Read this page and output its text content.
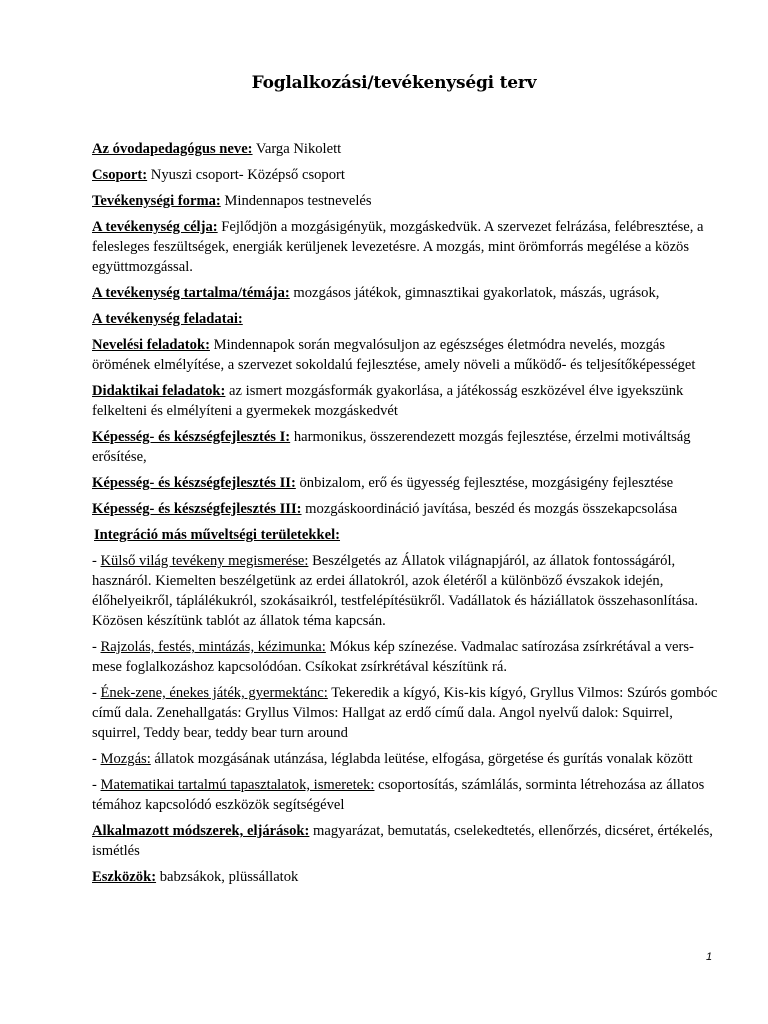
Foglalkozási/tevékenységi terv

Az óvodapedagógus neve: Varga Nikolett

Csoport: Nyuszi csoport- Középső csoport

Tevékenységi forma: Mindennapos testnevelés

A tevékenység célja: Fejlődjön a mozgásigényük, mozgáskedvük. A szervezet felrázása, felébresztése, a felesleges feszültségek, energiák kerüljenek levezetésre. A mozgás, mint örömforrás megélése a közös együttmozgással.

A tevékenység tartalma/témája: mozgásos játékok, gimnasztikai gyakorlatok, mászás, ugrások,

A tevékenység feladatai:

Nevelési feladatok: Mindennapok során megvalósuljon az egészséges életmódra nevelés, mozgás örömének elmélyítése, a szervezet sokoldalú fejlesztése, amely növeli a működő- és teljesítőképességet

Didaktikai feladatok: az ismert mozgásformák gyakorlása, a játékosság eszközével élve igyekszünk felkelteni és elmélyíteni a gyermekek mozgáskedvét

Képesség- és készségfejlesztés I: harmonikus, összerendezett mozgás fejlesztése, érzelmi motiváltság erősítése,

Képesség- és készségfejlesztés II: önbizalom, erő és ügyesség fejlesztése, mozgásigény fejlesztése

Képesség- és készségfejlesztés III: mozgáskoordináció javítása, beszéd és mozgás összekapcsolása

Integráció más műveltségi területekkel:

- Külső világ tevékeny megismerése: Beszélgetés az Állatok világnapjáról, az állatok fontosságáról, hasznáról. Kiemelten beszélgetünk az erdei állatokról, azok életéről a különböző évszakok idején, élőhelyeikről, táplálékukról, szokásaikról, testfelépítésükről. Vadállatok és háziállatok összehasonlítása. Közösen készítünk tablót az állatok téma kapcsán.

- Rajzolás, festés, mintázás, kézimunka: Mókus kép színezése. Vadmalac satírozása zsírkrétával a vers-mese foglalkozáshoz kapcsolódóan. Csíkokat zsírkrétával készítünk rá.

- Ének-zene, énekes játék, gyermektánc: Tekeredik a kígyó, Kis-kis kígyó, Gryllus Vilmos: Szúrós gombóc című dala. Zenehallgatás: Gryllus Vilmos: Hallgat az erdő című dala. Angol nyelvű dalok: Squirrel, squirrel, Teddy bear, teddy bear turn around

- Mozgás: állatok mozgásának utánzása, léglabda leütése, elfogása, görgetése és gurítás vonalak között

- Matematikai tartalmú tapasztalatok, ismeretek: csoportosítás, számlálás, sorminta létrehozása az állatos témához kapcsolódó eszközök segítségével

Alkalmazott módszerek, eljárások: magyarázat, bemutatás, cselekedtetés, ellenőrzés, dicséret, értékelés, ismétlés

Eszközök: babzsákok, plüssállatok

1
